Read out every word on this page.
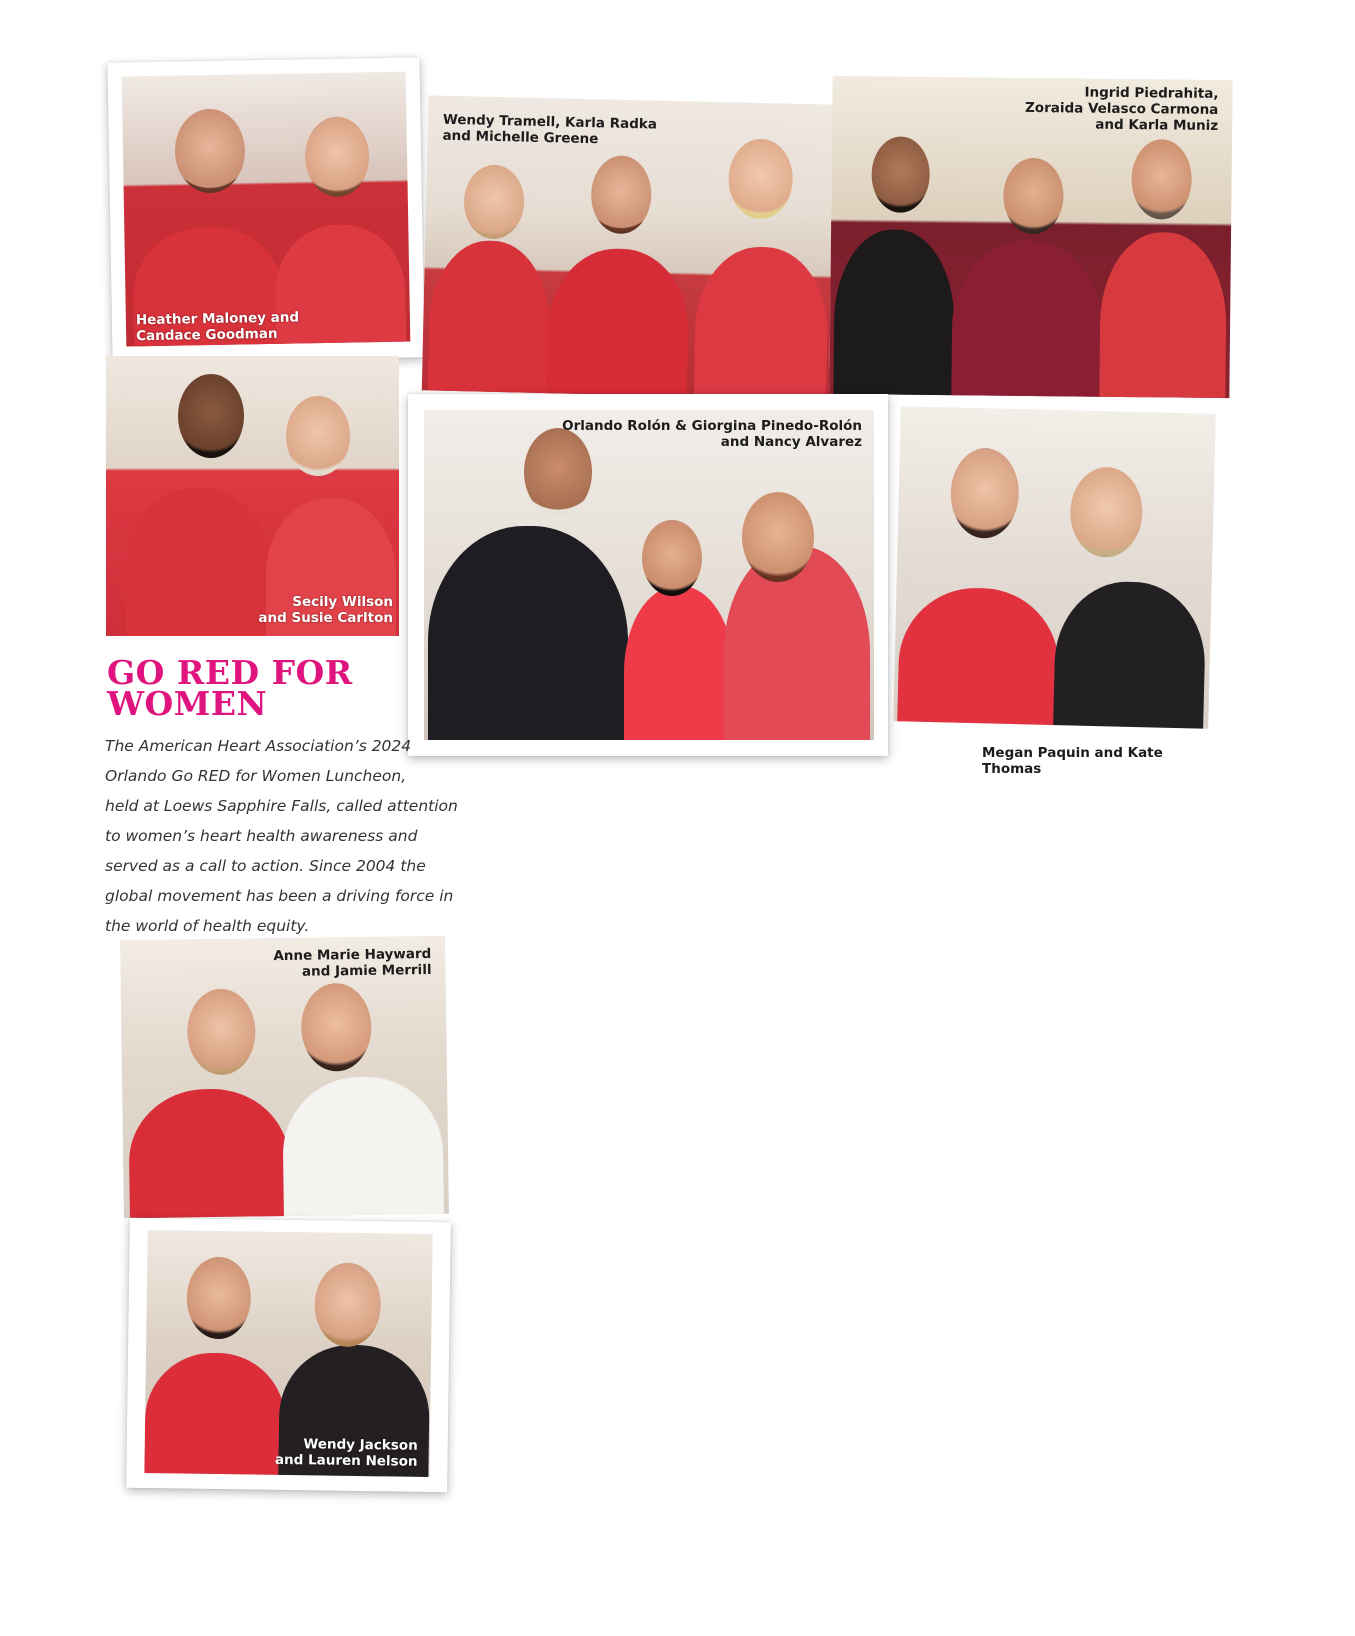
Heather Maloney and
Candace Goodman
Wendy Tramell, Karla Radka
and Michelle Greene
Ingrid Piedrahita,
Zoraida Velasco Carmona
and Karla Muniz
Secily Wilson
and Susie Carlton
Orlando Rolón & Giorgina Pinedo-Rolón
and Nancy Alvarez
Megan Paquin and Kate Thomas
GO RED FOR
WOMEN
The American Heart Association’s 2024
Orlando Go RED for Women Luncheon,
held at Loews Sapphire Falls, called attention
to women’s heart health awareness and
served as a call to action. Since 2004 the
global movement has been a driving force in
the world of health equity.
Anne Marie Hayward
and Jamie Merrill
Wendy Jackson
and Lauren Nelson
